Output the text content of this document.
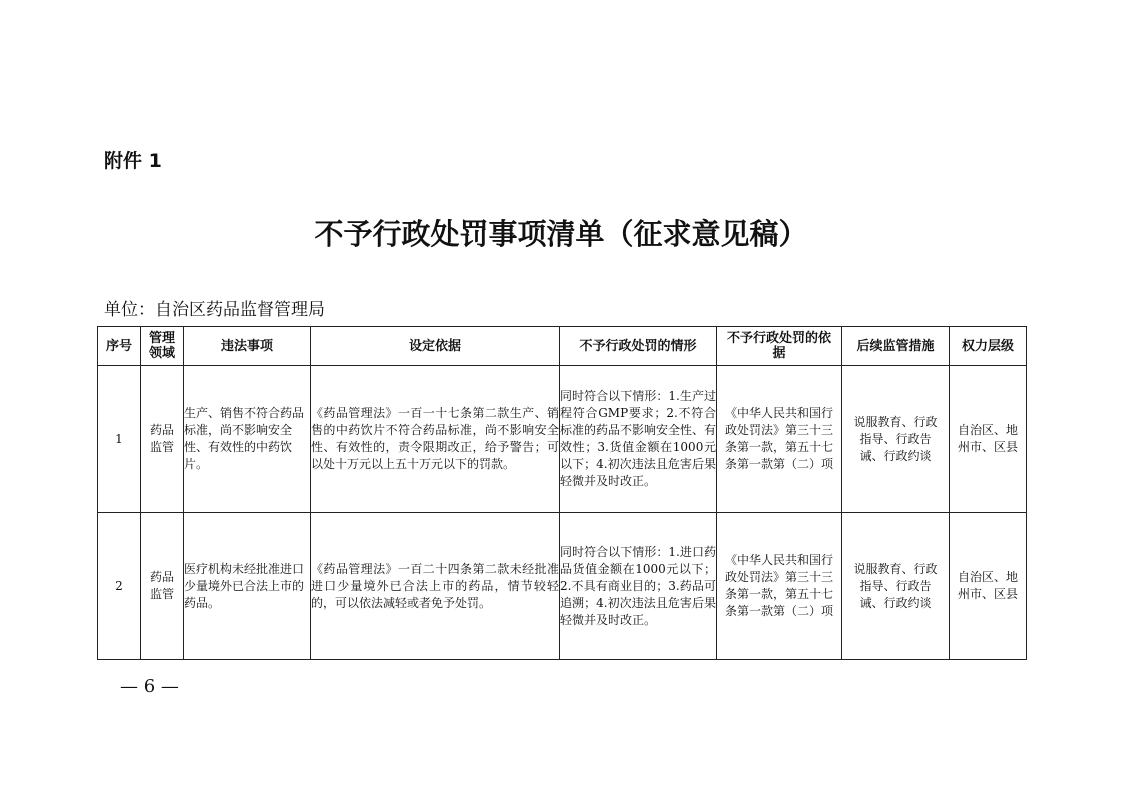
附件 1
不予行政处罚事项清单（征求意见稿）
单位：自治区药品监督管理局
序号	管理领域	违法事项	设定依据	不予行政处罚的情形	不予行政处罚的依据	后续监管措施	权力层级
1	药品监管	生产、销售不符合药品标准，尚不影响安全性、有效性的中药饮片。	《药品管理法》一百一十七条第二款生产、销售的中药饮片不符合药品标准，尚不影响安全性、有效性的，责令限期改正，给予警告；可以处十万元以上五十万元以下的罚款。	同时符合以下情形：1.生产过程符合GMP要求；2.不符合标准的药品不影响安全性、有效性；3.货值金额在1000元以下；4.初次违法且危害后果轻微并及时改正。	《中华人民共和国行政处罚法》第三十三条第一款，第五十七条第一款第（二）项	说服教育、行政指导、行政告诫、行政约谈	自治区、地州市、区县
2	药品监管	医疗机构未经批准进口少量境外已合法上市的药品。	《药品管理法》一百二十四条第二款未经批准进口少量境外已合法上市的药品，情节较轻的，可以依法减轻或者免予处罚。	同时符合以下情形：1.进口药品货值金额在1000元以下；2.不具有商业目的；3.药品可追溯；4.初次违法且危害后果轻微并及时改正。	《中华人民共和国行政处罚法》第三十三条第一款，第五十七条第一款第（二）项	说服教育、行政指导、行政告诫、行政约谈	自治区、地州市、区县
— 6 —
